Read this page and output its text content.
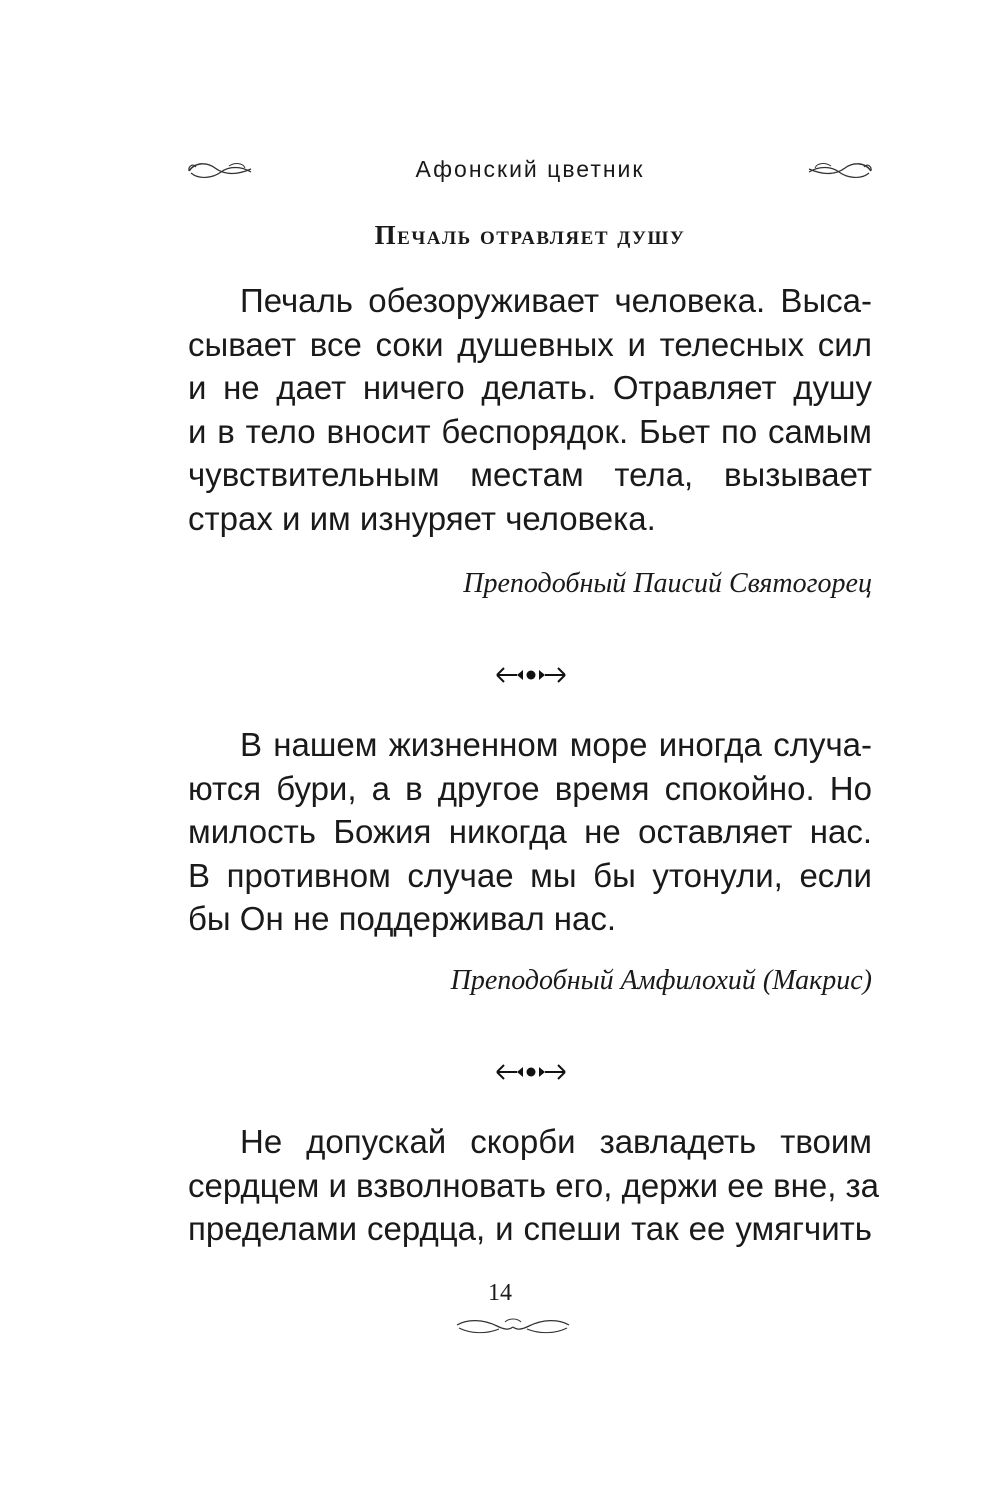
Афонский цветник
Печаль отравляет душу

Печаль обезоруживает человека. Выса-
сывает все соки душевных и телесных сил
и не дает ничего делать. Отравляет душу
и в тело вносит беспорядок. Бьет по самым
чувствительным местам тела, вызывает
страх и им изнуряет человека.

Преподобный Паисий Святогорец

В нашем жизненном море иногда случа-
ются бури, а в другое время спокойно. Но
милость Божия никогда не оставляет нас.
В противном случае мы бы утонули, если
бы Он не поддерживал нас.

Преподобный Амфилохий (Макрис)

Не допускай скорби завладеть твоим
сердцем и взволновать его, держи ее вне, за
пределами сердца, и спеши так ее умягчить

14
